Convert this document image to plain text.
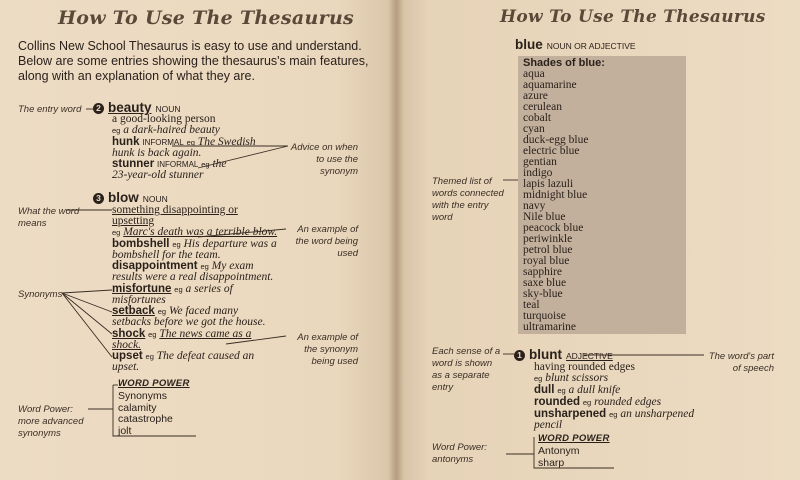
How To Use The Thesaurus
Collins New School Thesaurus is easy to use and understand.
Below are some entries showing the thesaurus's main features,
along with an explanation of what they are.
The entry word	2 beauty NOUN
a good-looking person
eg a dark-haired beauty
hunk INFORMAL eg The Swedish
hunk is back again.
stunner INFORMAL eg the
23-year-old stunner
Advice on when
to use the
synonym
3 blow NOUN
What the word
means
something disappointing or
upsetting
eg Marc's death was a terrible blow.
bombshell eg His departure was a
bombshell for the team.
disappointment eg My exam
results were a real disappointment.
misfortune eg a series of
misfortunes
setback eg We faced many
setbacks before we got the house.
shock eg The news came as a
shock.
upset eg The defeat caused an
upset.
An example of
the word being
used
Synonyms
An example of
the synonym
being used
WORD POWER
Synonyms
calamity
catastrophe
jolt
Word Power:
more advanced
synonyms
How To Use The Thesaurus
blue NOUN OR ADJECTIVE
Shades of blue:
aqua
aquamarine
azure
cerulean
cobalt
cyan
duck-egg blue
electric blue
gentian
indigo
lapis lazuli
midnight blue
navy
Nile blue
peacock blue
periwinkle
petrol blue
royal blue
sapphire
saxe blue
sky-blue
teal
turquoise
ultramarine
Themed list of
words connected
with the entry
word
Each sense of a
word is shown
as a separate
entry
1 blunt ADJECTIVE
having rounded edges
eg blunt scissors
dull eg a dull knife
rounded eg rounded edges
unsharpened eg an unsharpened
pencil
The word's part
of speech
WORD POWER
Antonym
sharp
Word Power:
antonyms
